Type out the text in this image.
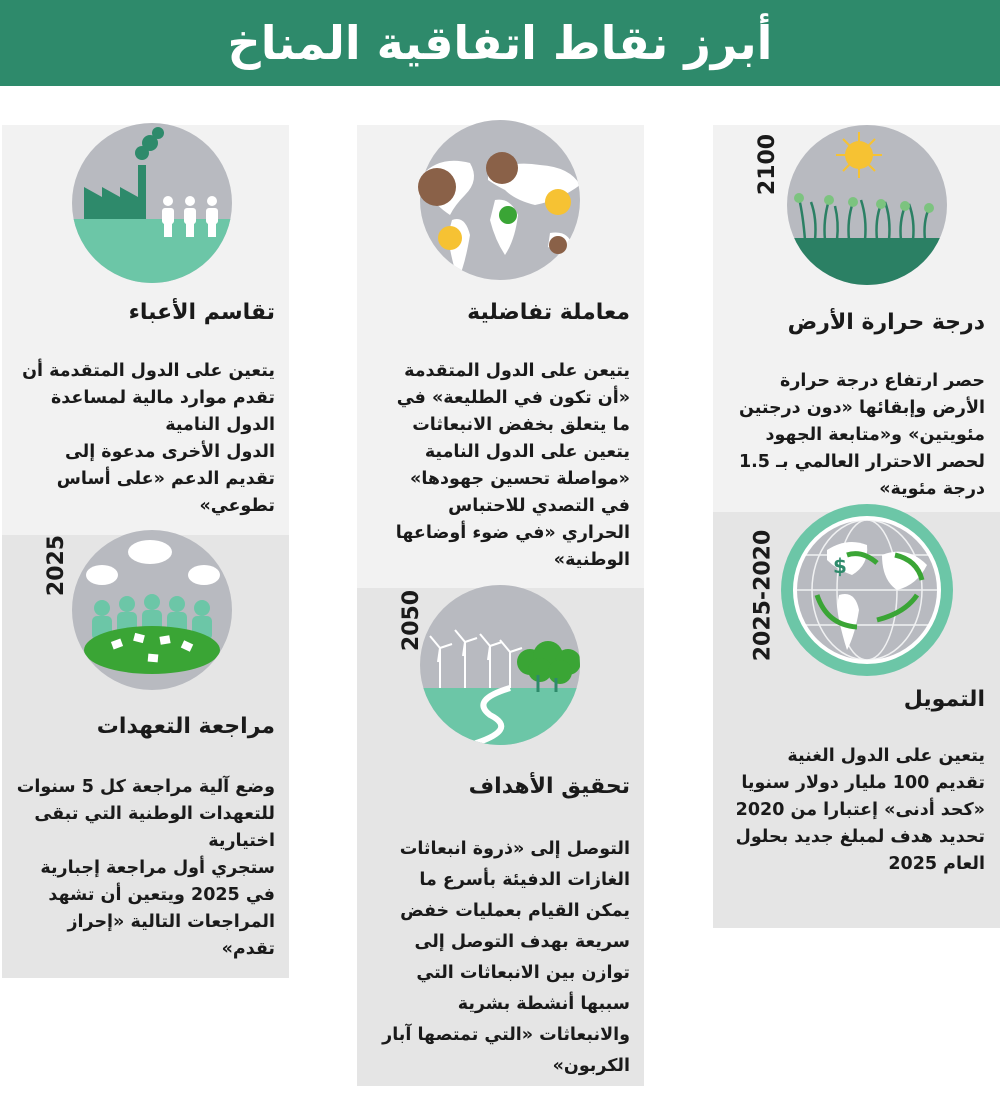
أبرز نقاط اتفاقية المناخ
$
2100
2025-2020
2050
2025
درجة حرارة الأرض

حصر ارتفاع درجة حرارة الأرض وإبقائها «دون درجتين مئويتين» و«متابعة الجهود لحصر الاحترار العالمي بـ 1.5 درجة مئوية»

معاملة تفاضلية

يتيعن على الدول المتقدمة «أن تكون في الطليعة» في ما يتعلق بخفض الانبعاثات

يتعين على الدول النامية «مواصلة تحسين جهودها» في التصدي للاحتباس الحراري «في ضوء أوضاعها الوطنية»

تقاسم الأعباء

يتعين على الدول المتقدمة أن تقدم موارد مالية لمساعدة الدول النامية

الدول الأخرى مدعوة إلى تقديم الدعم «على أساس تطوعي»

التمويل

يتعين على الدول الغنية تقديم 100 مليار دولار سنويا «كحد أدنى» إعتبارا من 2020

تحديد هدف لمبلغ جديد بحلول العام 2025

تحقيق الأهداف

التوصل إلى «ذروة انبعاثات الغازات الدفيئة بأسرع ما يمكن القيام بعمليات خفض سريعة بهدف التوصل إلى توازن بين الانبعاثات التي سببها أنشطة بشرية والانبعاثات «التي تمتصها آبار الكربون»

مراجعة التعهدات

وضع آلية مراجعة كل 5 سنوات للتعهدات الوطنية التي تبقى اختيارية

ستجري أول مراجعة إجبارية في 2025 ويتعين أن تشهد المراجعات التالية «إحراز تقدم»
